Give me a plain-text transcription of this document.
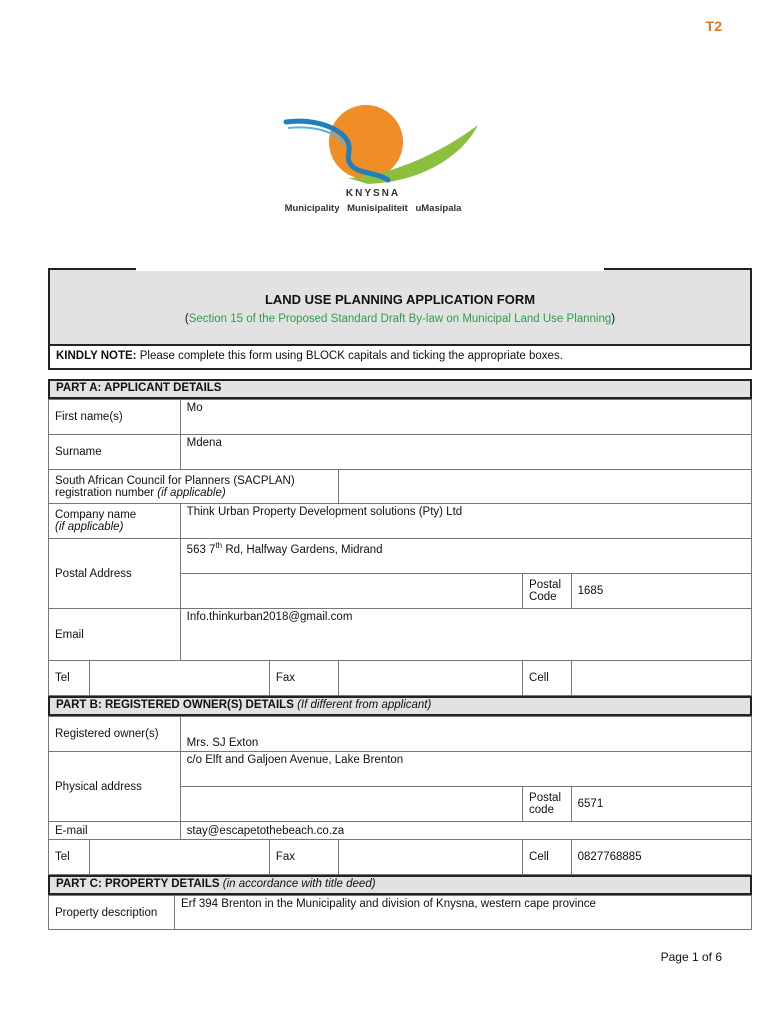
T2
KNYSNA
Municipality Munisipaliteit uMasipala
LAND USE PLANNING APPLICATION FORM
(Section 15 of the Proposed Standard Draft By-law on Municipal Land Use Planning)
KINDLY NOTE: Please complete this form using BLOCK capitals and ticking the appropriate boxes.
PART A: APPLICANT DETAILS
First name(s)		Mo				
Surname		Mdena				
South African Council for Planners (SACPLAN) registration number (if applicable)						
Company name
(if applicable)		Think Urban Property Development solutions (Pty) Ltd				
Postal Address		563 7th Rd, Halfway Gardens, Midrand				
					Postal Code	1685
Email		Info.thinkurban2018@gmail.com				
Tel			Fax		Cell	
PART B: REGISTERED OWNER(S) DETAILS (If different from applicant)
Registered owner(s)		Mrs. SJ Exton				
Physical address		c/o Elft and Galjoen Avenue, Lake Brenton				
					Postal code	6571
E-mail		stay@escapetothebeach.co.za				
Tel			Fax		Cell	0827768885
PART C: PROPERTY DETAILS (in accordance with title deed)
Property description	Erf 394 Brenton in the Municipality and division of Knysna, western cape province
Page 1 of 6
